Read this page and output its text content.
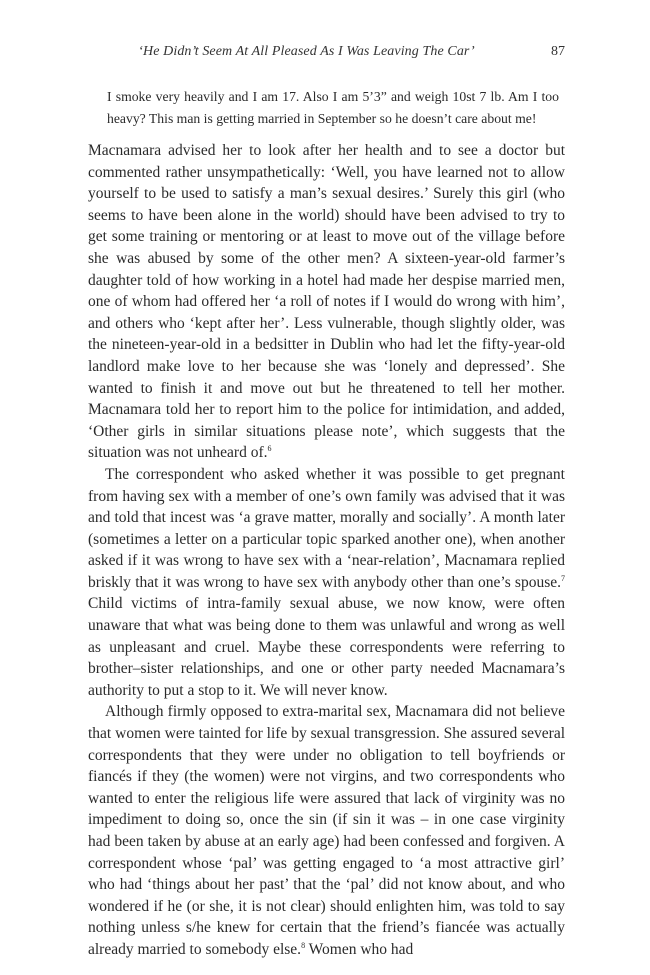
‘He Didn’t Seem At All Pleased As I Was Leaving The Car’	87

I smoke very heavily and I am 17. Also I am 5’3” and weigh 10st 7 lb. Am I too heavy? This man is getting married in September so he doesn’t care about me!

Macnamara advised her to look after her health and to see a doctor but commented rather unsympathetically: ‘Well, you have learned not to allow yourself to be used to satisfy a man’s sexual desires.’ Surely this girl (who seems to have been alone in the world) should have been advised to try to get some training or mentoring or at least to move out of the village before she was abused by some of the other men? A sixteen-year-old farmer’s daughter told of how working in a hotel had made her despise married men, one of whom had offered her ‘a roll of notes if I would do wrong with him’, and others who ‘kept after her’. Less vulnerable, though slightly older, was the nineteen-year-old in a bedsitter in Dublin who had let the fifty-year-old landlord make love to her because she was ‘lonely and depressed’. She wanted to finish it and move out but he threatened to tell her mother. Macnamara told her to report him to the police for intimidation, and added, ‘Other girls in similar situations please note’, which suggests that the situation was not unheard of.$^6$

The correspondent who asked whether it was possible to get pregnant from having sex with a member of one’s own family was advised that it was and told that incest was ‘a grave matter, morally and socially’. A month later (sometimes a letter on a particular topic sparked another one), when another asked if it was wrong to have sex with a ‘near-relation’, Macnamara replied briskly that it was wrong to have sex with anybody other than one’s spouse.$^7$ Child victims of intra-family sexual abuse, we now know, were often unaware that what was being done to them was unlawful and wrong as well as unpleasant and cruel. Maybe these correspondents were referring to brother–sister relationships, and one or other party needed Macnamara’s authority to put a stop to it. We will never know.

Although firmly opposed to extra-marital sex, Macnamara did not believe that women were tainted for life by sexual transgression. She assured several correspondents that they were under no obligation to tell boyfriends or fiancés if they (the women) were not virgins, and two correspondents who wanted to enter the religious life were assured that lack of virginity was no impediment to doing so, once the sin (if sin it was – in one case virginity had been taken by abuse at an early age) had been confessed and forgiven. A correspondent whose ‘pal’ was getting engaged to ‘a most attractive girl’ who had ‘things about her past’ that the ‘pal’ did not know about, and who wondered if he (or she, it is not clear) should enlighten him, was told to say nothing unless s/he knew for certain that the friend’s fiancée was actually already married to somebody else.$^8$ Women who had
